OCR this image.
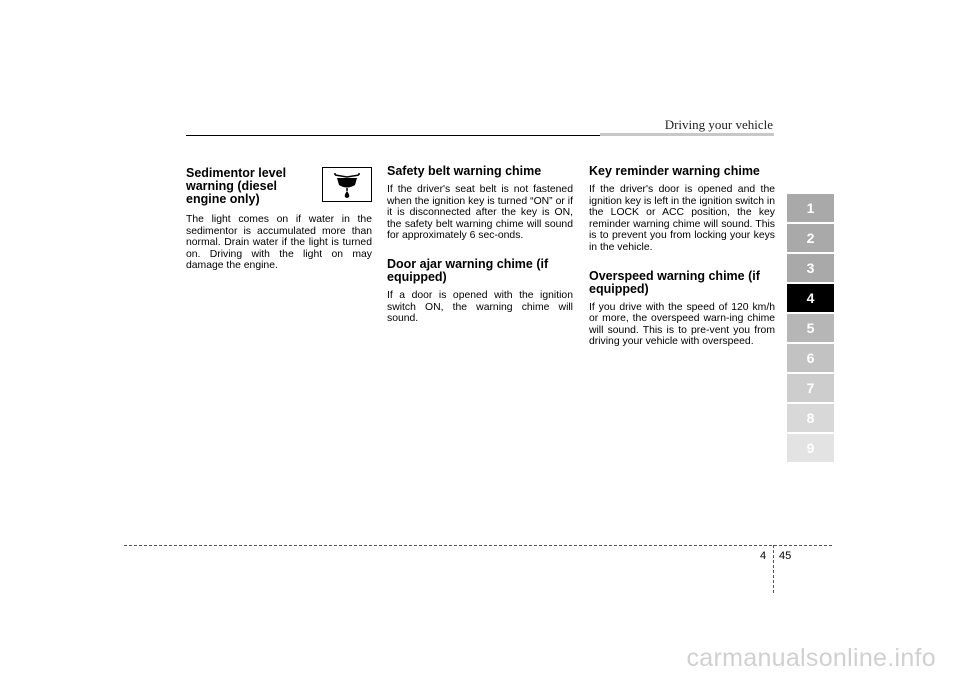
Driving your vehicle
Sedimentor level warning (diesel engine only)

The light comes on if water in the sedimentor is accumulated more than normal. Drain water if the light is turned on. Driving with the light on may damage the engine.

Safety belt warning chime

If the driver's seat belt is not fastened when the ignition key is turned “ON” or if it is disconnected after the key is ON, the safety belt warning chime will sound for approximately 6 sec-onds.

Door ajar warning chime (if equipped)

If a door is opened with the ignition switch ON, the warning chime will sound.

Key reminder warning chime

If the driver's door is opened and the ignition key is left in the ignition switch in the LOCK or ACC position, the key reminder warning chime will sound. This is to prevent you from locking your keys in the vehicle.

Overspeed warning chime (if equipped)

If you drive with the speed of 120 km/h or more, the overspeed warn-ing chime will sound. This is to pre-vent you from driving your vehicle with overspeed.

1
2
3
4
5
6
7
8
9
4 45
carmanualsonline.info
